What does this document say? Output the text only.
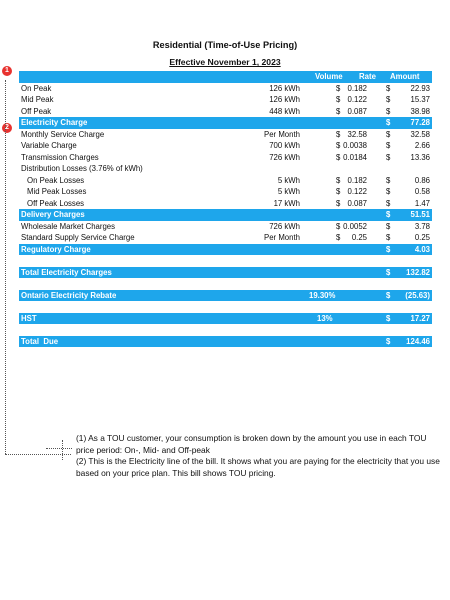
Residential (Time-of-Use Pricing)
Effective November 1, 2023
1
2
Volume Rate Amount
On Peak	126 kWh	$ 0.182 $	22.93
Mid Peak	126 kWh	$ 0.122 $	15.37
Off Peak	448 kWh	$ 0.087 $	38.98
Electricity Charge	$	77.28
Monthly Service Charge	Per Month	$ 32.58 $	32.58
Variable Charge	700 kWh	$ 0.0038 $	2.66
Transmission Charges	726 kWh	$ 0.0184 $	13.36
Distribution Losses (3.76% of kWh)
On Peak Losses	5 kWh	$ 0.182 $	0.86
Mid Peak Losses	5 kWh	$ 0.122 $	0.58
Off Peak Losses	17 kWh	$ 0.087 $	1.47
Delivery Charges	$	51.51
Wholesale Market Charges	726 kWh	$ 0.0052 $	3.78
Standard Supply Service Charge	Per Month	$ 0.25 $	0.25
Regulatory Charge	$	4.03
Total Electricity Charges	$ 132.82
Ontario Electricity Rebate	19.30%	$ (25.63)
HST	13%	$	17.27
Total  Due	$ 124.46

(1) As a TOU customer, your consumption is broken down by the amount you use in each TOU price period: On-, Mid- and Off-peak

(2) This is the Electricity line of the bill. It shows what you are paying for the electricity that you use based on your price plan. This bill shows TOU pricing.
